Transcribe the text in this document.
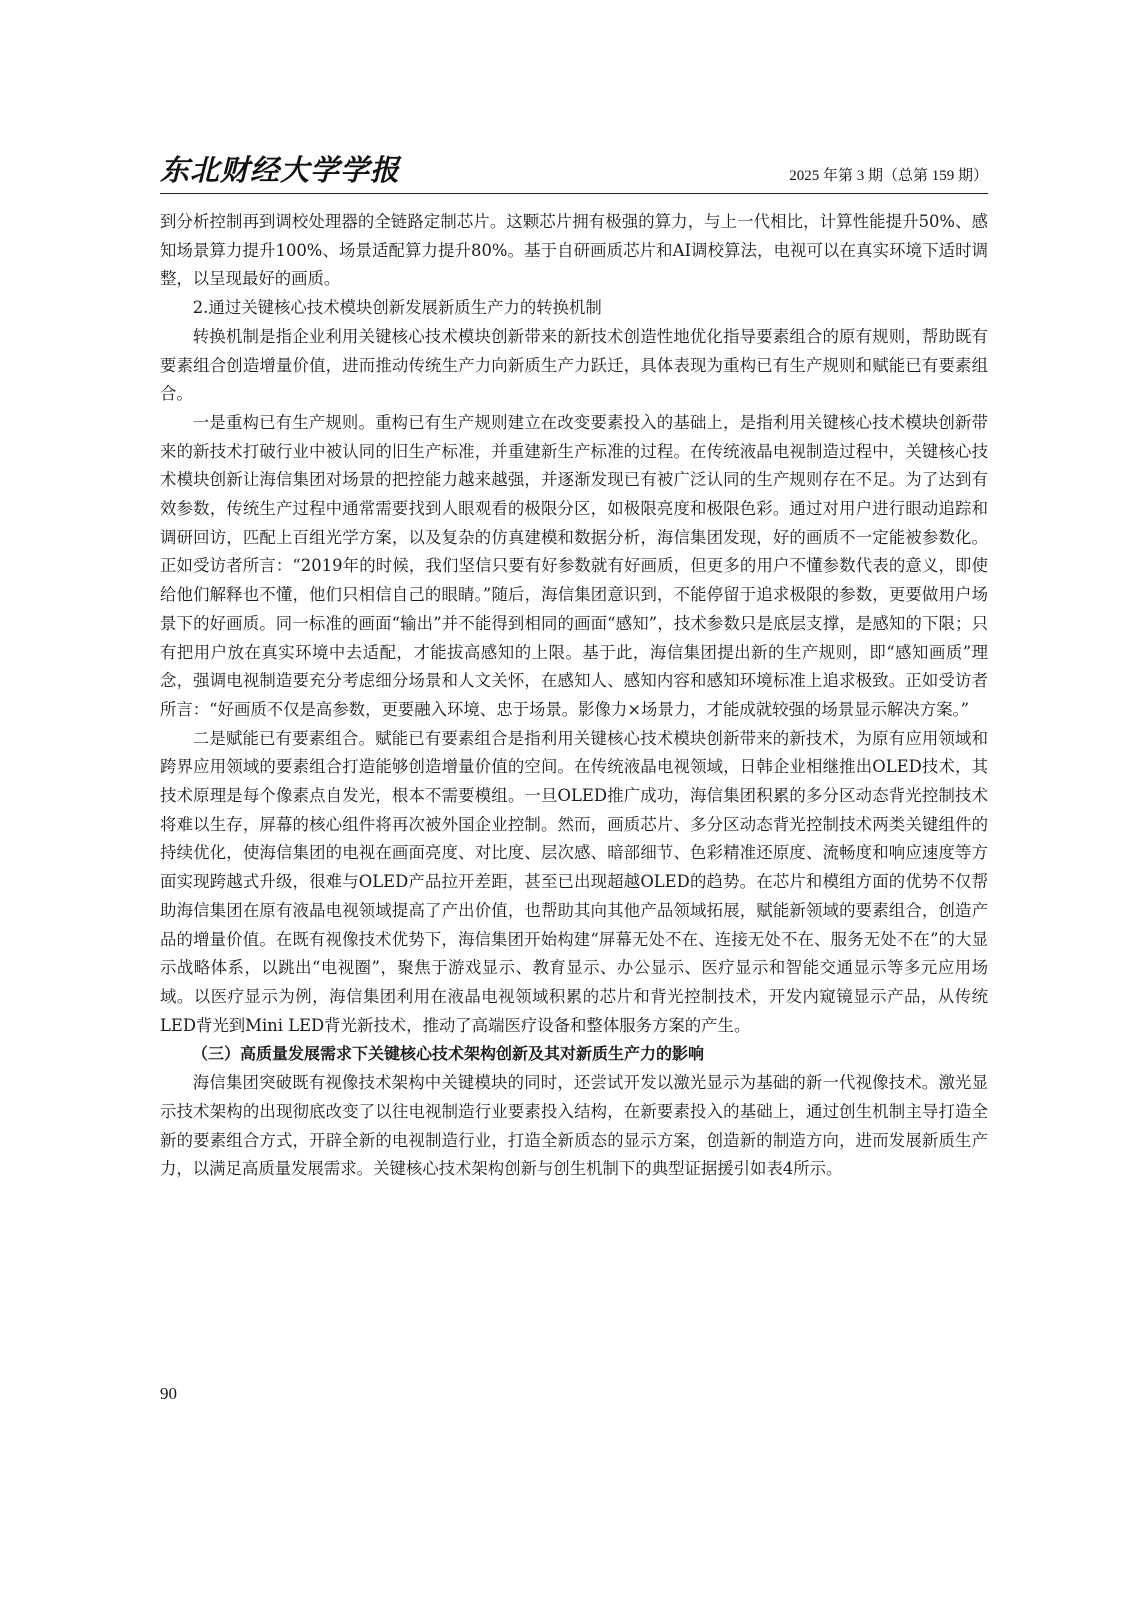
东北财经大学学报	2025 年第 3 期（总第 159 期）

到分析控制再到调校处理器的全链路定制芯片。这颗芯片拥有极强的算力，与上一代相比，计算性能提升50%、感知场景算力提升100%、场景适配算力提升80%。基于自研画质芯片和AI调校算法，电视可以在真实环境下适时调整，以呈现最好的画质。

2.通过关键核心技术模块创新发展新质生产力的转换机制

转换机制是指企业利用关键核心技术模块创新带来的新技术创造性地优化指导要素组合的原有规则，帮助既有要素组合创造增量价值，进而推动传统生产力向新质生产力跃迁，具体表现为重构已有生产规则和赋能已有要素组合。

一是重构已有生产规则。重构已有生产规则建立在改变要素投入的基础上，是指利用关键核心技术模块创新带来的新技术打破行业中被认同的旧生产标准，并重建新生产标准的过程。在传统液晶电视制造过程中，关键核心技术模块创新让海信集团对场景的把控能力越来越强，并逐渐发现已有被广泛认同的生产规则存在不足。为了达到有效参数，传统生产过程中通常需要找到人眼观看的极限分区，如极限亮度和极限色彩。通过对用户进行眼动追踪和调研回访，匹配上百组光学方案，以及复杂的仿真建模和数据分析，海信集团发现，好的画质不一定能被参数化。正如受访者所言：“2019年的时候，我们坚信只要有好参数就有好画质，但更多的用户不懂参数代表的意义，即使给他们解释也不懂，他们只相信自己的眼睛。”随后，海信集团意识到，不能停留于追求极限的参数，更要做用户场景下的好画质。同一标准的画面“输出”并不能得到相同的画面“感知”，技术参数只是底层支撑，是感知的下限；只有把用户放在真实环境中去适配，才能拔高感知的上限。基于此，海信集团提出新的生产规则，即“感知画质”理念，强调电视制造要充分考虑细分场景和人文关怀，在感知人、感知内容和感知环境标准上追求极致。正如受访者所言：“好画质不仅是高参数，更要融入环境、忠于场景。影像力×场景力，才能成就较强的场景显示解决方案。”

二是赋能已有要素组合。赋能已有要素组合是指利用关键核心技术模块创新带来的新技术，为原有应用领域和跨界应用领域的要素组合打造能够创造增量价值的空间。在传统液晶电视领域，日韩企业相继推出OLED技术，其技术原理是每个像素点自发光，根本不需要模组。一旦OLED推广成功，海信集团积累的多分区动态背光控制技术将难以生存，屏幕的核心组件将再次被外国企业控制。然而，画质芯片、多分区动态背光控制技术两类关键组件的持续优化，使海信集团的电视在画面亮度、对比度、层次感、暗部细节、色彩精准还原度、流畅度和响应速度等方面实现跨越式升级，很难与OLED产品拉开差距，甚至已出现超越OLED的趋势。在芯片和模组方面的优势不仅帮助海信集团在原有液晶电视领域提高了产出价值，也帮助其向其他产品领域拓展，赋能新领域的要素组合，创造产品的增量价值。在既有视像技术优势下，海信集团开始构建“屏幕无处不在、连接无处不在、服务无处不在”的大显示战略体系，以跳出“电视圈”，聚焦于游戏显示、教育显示、办公显示、医疗显示和智能交通显示等多元应用场域。以医疗显示为例，海信集团利用在液晶电视领域积累的芯片和背光控制技术，开发内窥镜显示产品，从传统LED背光到Mini LED背光新技术，推动了高端医疗设备和整体服务方案的产生。

（三）高质量发展需求下关键核心技术架构创新及其对新质生产力的影响

海信集团突破既有视像技术架构中关键模块的同时，还尝试开发以激光显示为基础的新一代视像技术。激光显示技术架构的出现彻底改变了以往电视制造行业要素投入结构，在新要素投入的基础上，通过创生机制主导打造全新的要素组合方式，开辟全新的电视制造行业，打造全新质态的显示方案，创造新的制造方向，进而发展新质生产力，以满足高质量发展需求。关键核心技术架构创新与创生机制下的典型证据援引如表4所示。

90
